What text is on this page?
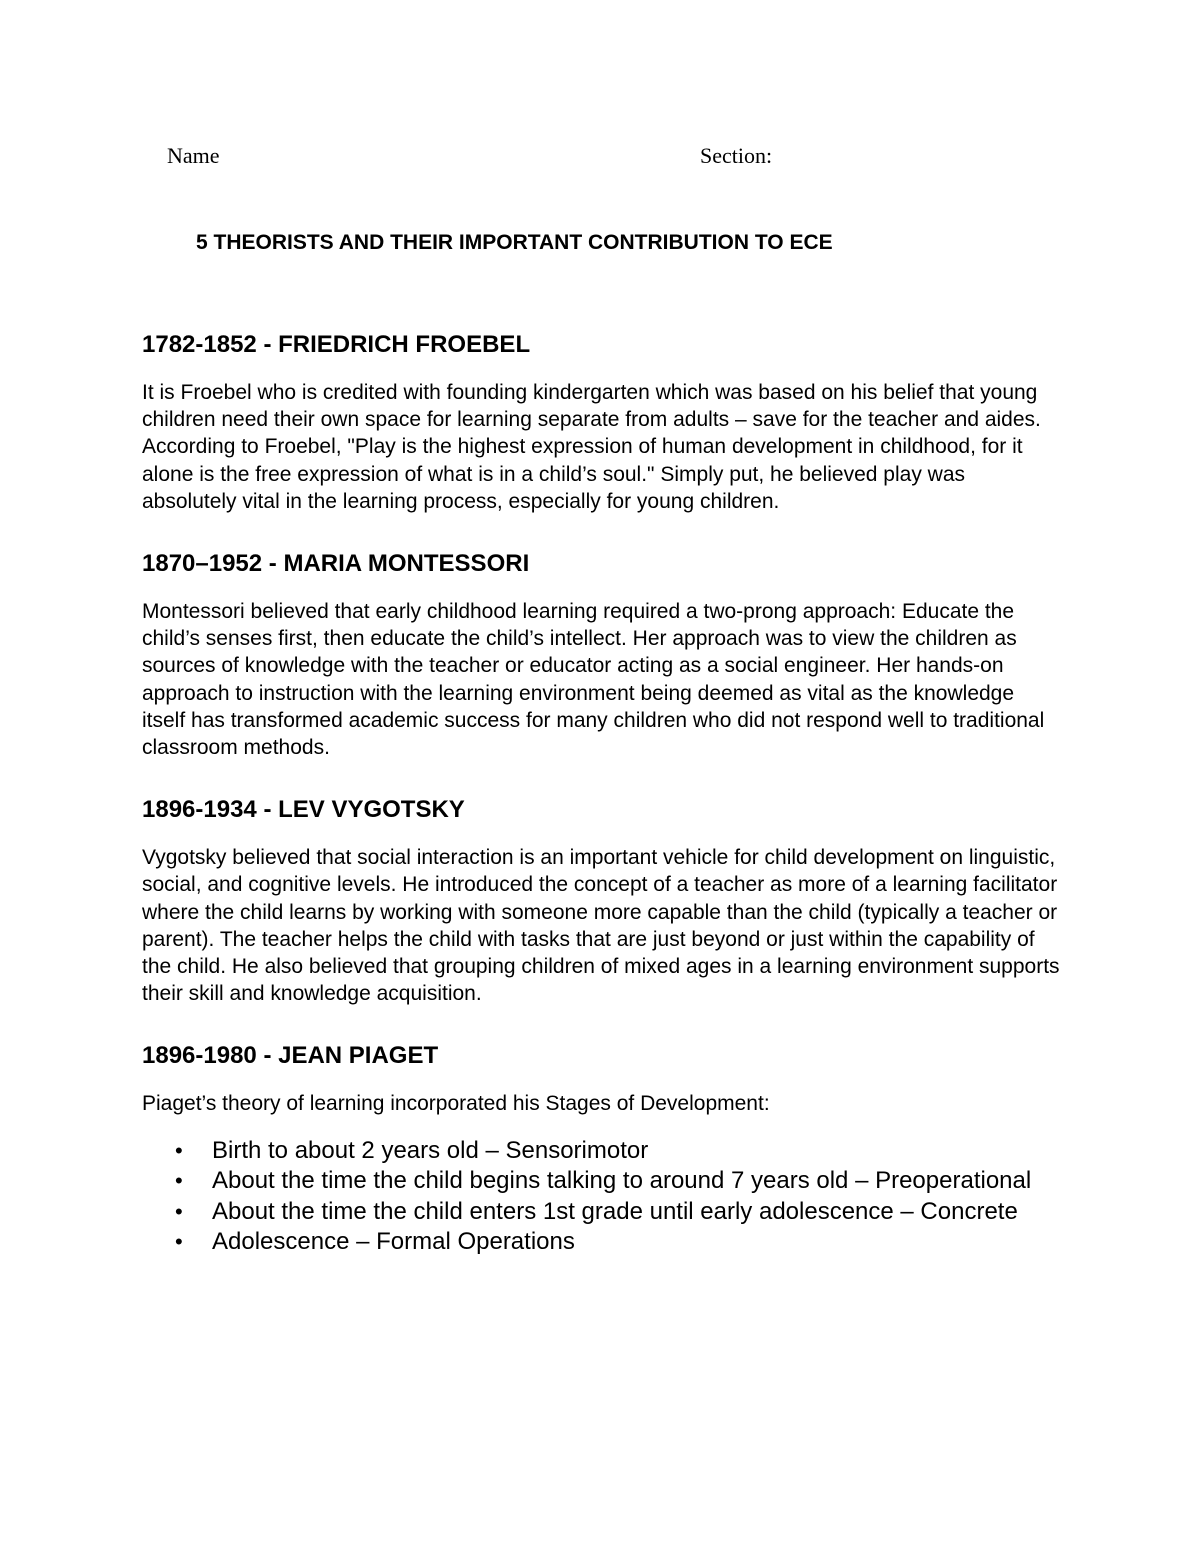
Name	Section:
5 THEORISTS AND THEIR IMPORTANT CONTRIBUTION TO ECE
1782-1852 - FRIEDRICH FROEBEL

It is Froebel who is credited with founding kindergarten which was based on his belief that young children need their own space for learning separate from adults – save for the teacher and aides. According to Froebel, "Play is the highest expression of human development in childhood, for it alone is the free expression of what is in a child’s soul." Simply put, he believed play was absolutely vital in the learning process, especially for young children.

1870–1952 - MARIA MONTESSORI

Montessori believed that early childhood learning required a two-prong approach: Educate the child’s senses first, then educate the child’s intellect. Her approach was to view the children as sources of knowledge with the teacher or educator acting as a social engineer. Her hands-on approach to instruction with the learning environment being deemed as vital as the knowledge itself has transformed academic success for many children who did not respond well to traditional classroom methods.

1896-1934 - LEV VYGOTSKY

Vygotsky believed that social interaction is an important vehicle for child development on linguistic, social, and cognitive levels. He introduced the concept of a teacher as more of a learning facilitator where the child learns by working with someone more capable than the child (typically a teacher or parent). The teacher helps the child with tasks that are just beyond or just within the capability of the child. He also believed that grouping children of mixed ages in a learning environment supports their skill and knowledge acquisition.

1896-1980 - JEAN PIAGET

Piaget’s theory of learning incorporated his Stages of Development:

• Birth to about 2 years old – Sensorimotor
• About the time the child begins talking to around 7 years old – Preoperational
• About the time the child enters 1st grade until early adolescence – Concrete
• Adolescence – Formal Operations
